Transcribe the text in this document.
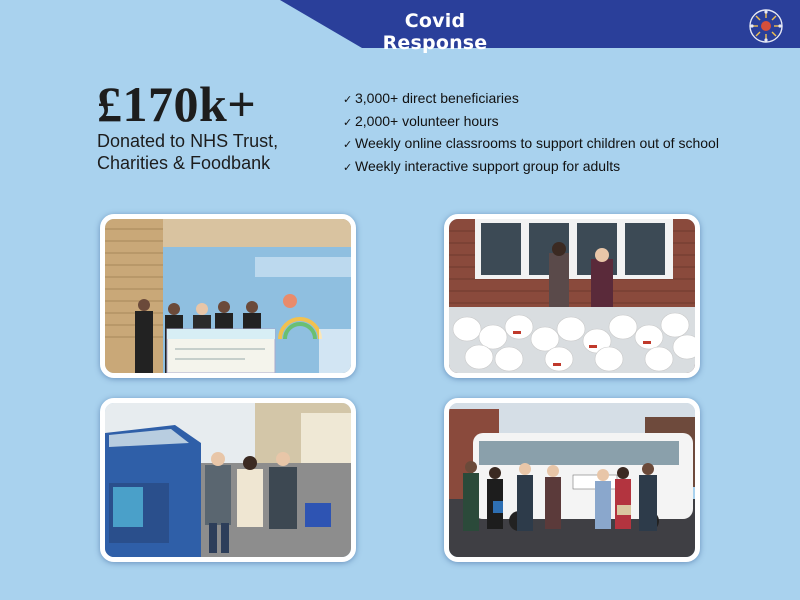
Covid Response
£170k+
Donated to NHS Trust,
Charities & Foodbank
✓ 3,000+ direct beneficiaries
✓ 2,000+ volunteer hours
✓ Weekly online classrooms to support children out of school
✓ Weekly interactive support group for adults
